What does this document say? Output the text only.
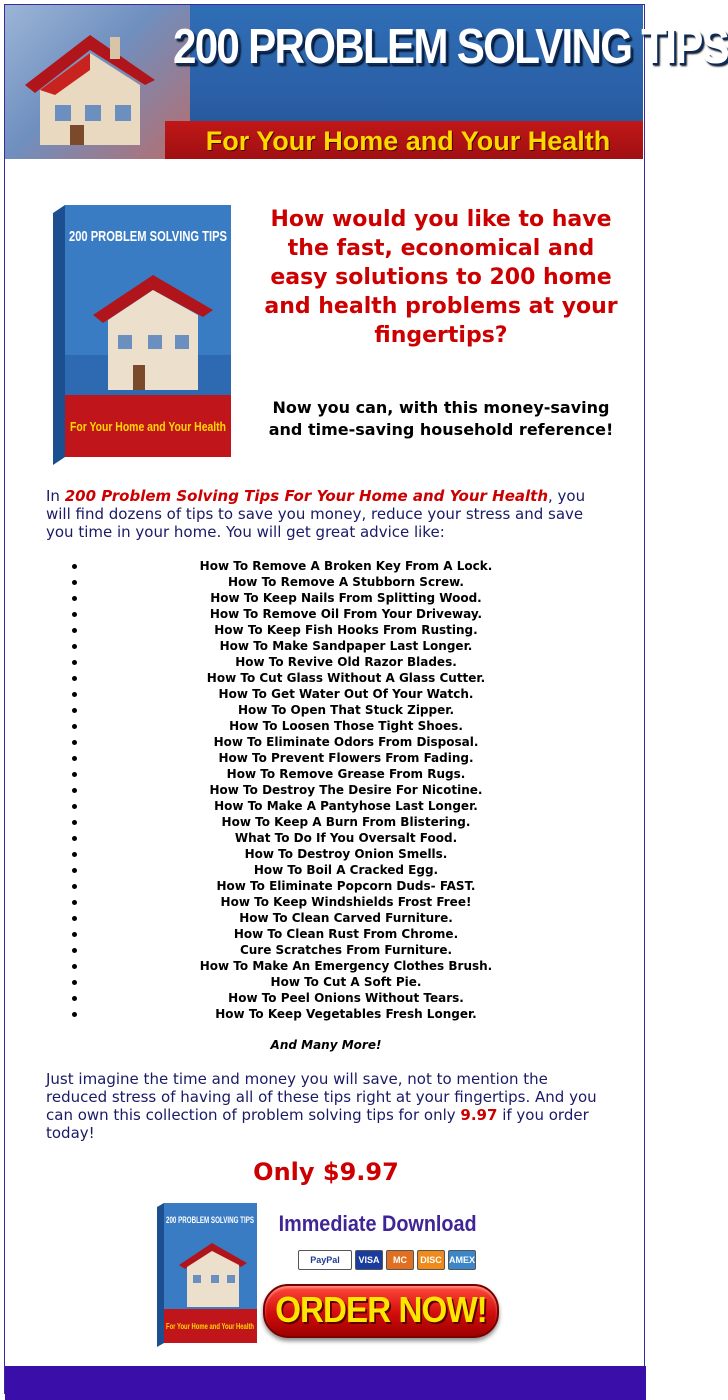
200 PROBLEM SOLVING TIPS
For Your Home and Your Health
200 PROBLEM SOLVING TIPS
For Your Home and Your Health
How would you like to have the fast, economical and easy solutions to 200 home and health problems at your fingertips?
Now you can, with this money-saving and time-saving household reference!
In 200 Problem Solving Tips For Your Home and Your Health, you will find dozens of tips to save you money, reduce your stress and save you time in your home. You will get great advice like:
How To Remove A Broken Key From A Lock.
How To Remove A Stubborn Screw.
How To Keep Nails From Splitting Wood.
How To Remove Oil From Your Driveway.
How To Keep Fish Hooks From Rusting.
How To Make Sandpaper Last Longer.
How To Revive Old Razor Blades.
How To Cut Glass Without A Glass Cutter.
How To Get Water Out Of Your Watch.
How To Open That Stuck Zipper.
How To Loosen Those Tight Shoes.
How To Eliminate Odors From Disposal.
How To Prevent Flowers From Fading.
How To Remove Grease From Rugs.
How To Destroy The Desire For Nicotine.
How To Make A Pantyhose Last Longer.
How To Keep A Burn From Blistering.
What To Do If You Oversalt Food.
How To Destroy Onion Smells.
How To Boil A Cracked Egg.
How To Eliminate Popcorn Duds- FAST.
How To Keep Windshields Frost Free!
How To Clean Carved Furniture.
How To Clean Rust From Chrome.
Cure Scratches From Furniture.
How To Make An Emergency Clothes Brush.
How To Cut A Soft Pie.
How To Peel Onions Without Tears.
How To Keep Vegetables Fresh Longer.
And Many More!
Just imagine the time and money you will save, not to mention the reduced stress of having all of these tips right at your fingertips. And you can own this collection of problem solving tips for only 9.97 if you order today!
Only $9.97
200 PROBLEM SOLVING TIPS
For Your Home and Your Health
Immediate Download
PayPal	VISA	MC	DISC AMEX
ORDER NOW!
